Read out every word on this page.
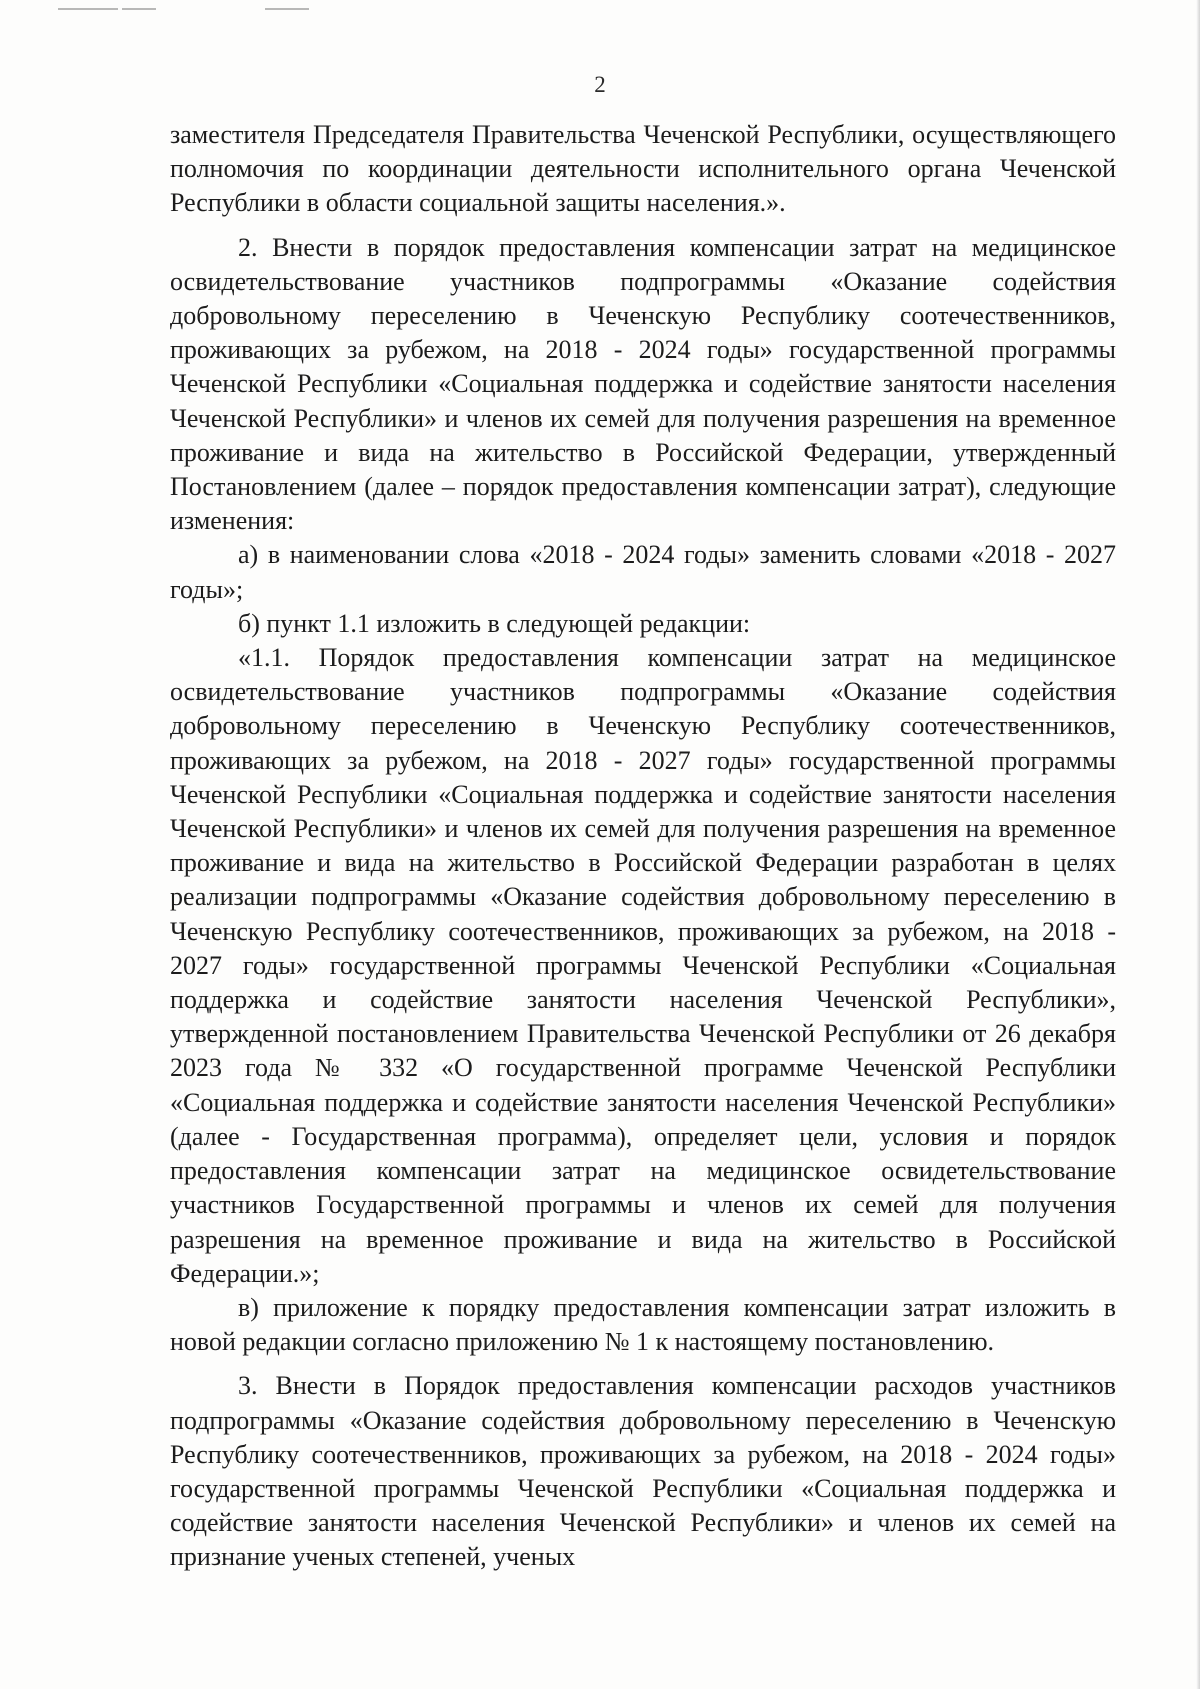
2

заместителя Председателя Правительства Чеченской Республики, осуществляющего полномочия по координации деятельности исполнительного органа Чеченской Республики в области социальной защиты населения.».

2. Внести в порядок предоставления компенсации затрат на медицинское освидетельствование участников подпрограммы «Оказание содействия добровольному переселению в Чеченскую Республику соотечественников, проживающих за рубежом, на 2018 - 2024 годы» государственной программы Чеченской Республики «Социальная поддержка и содействие занятости населения Чеченской Республики» и членов их семей для получения разрешения на временное проживание и вида на жительство в Российской Федерации, утвержденный Постановлением (далее – порядок предоставления компенсации затрат), следующие изменения:

а) в наименовании слова «2018 - 2024 годы» заменить словами «2018 - 2027 годы»;

б) пункт 1.1 изложить в следующей редакции:

«1.1. Порядок предоставления компенсации затрат на медицинское освидетельствование участников подпрограммы «Оказание содействия добровольному переселению в Чеченскую Республику соотечественников, проживающих за рубежом, на 2018 - 2027 годы» государственной программы Чеченской Республики «Социальная поддержка и содействие занятости населения Чеченской Республики» и членов их семей для получения разрешения на временное проживание и вида на жительство в Российской Федерации разработан в целях реализации подпрограммы «Оказание содействия добровольному переселению в Чеченскую Республику соотечественников, проживающих за рубежом, на 2018 - 2027 годы» государственной программы Чеченской Республики «Социальная поддержка и содействие занятости населения Чеченской Республики», утвержденной постановлением Правительства Чеченской Республики от 26 декабря 2023 года № 332 «О государственной программе Чеченской Республики «Социальная поддержка и содействие занятости населения Чеченской Республики» (далее - Государственная программа), определяет цели, условия и порядок предоставления компенсации затрат на медицинское освидетельствование участников Государственной программы и членов их семей для получения разрешения на временное проживание и вида на жительство в Российской Федерации.»;

в) приложение к порядку предоставления компенсации затрат изложить в новой редакции согласно приложению № 1 к настоящему постановлению.

3. Внести в Порядок предоставления компенсации расходов участников подпрограммы «Оказание содействия добровольному переселению в Чеченскую Республику соотечественников, проживающих за рубежом, на 2018 - 2024 годы» государственной программы Чеченской Республики «Социальная поддержка и содействие занятости населения Чеченской Республики» и членов их семей на признание ученых степеней, ученых
